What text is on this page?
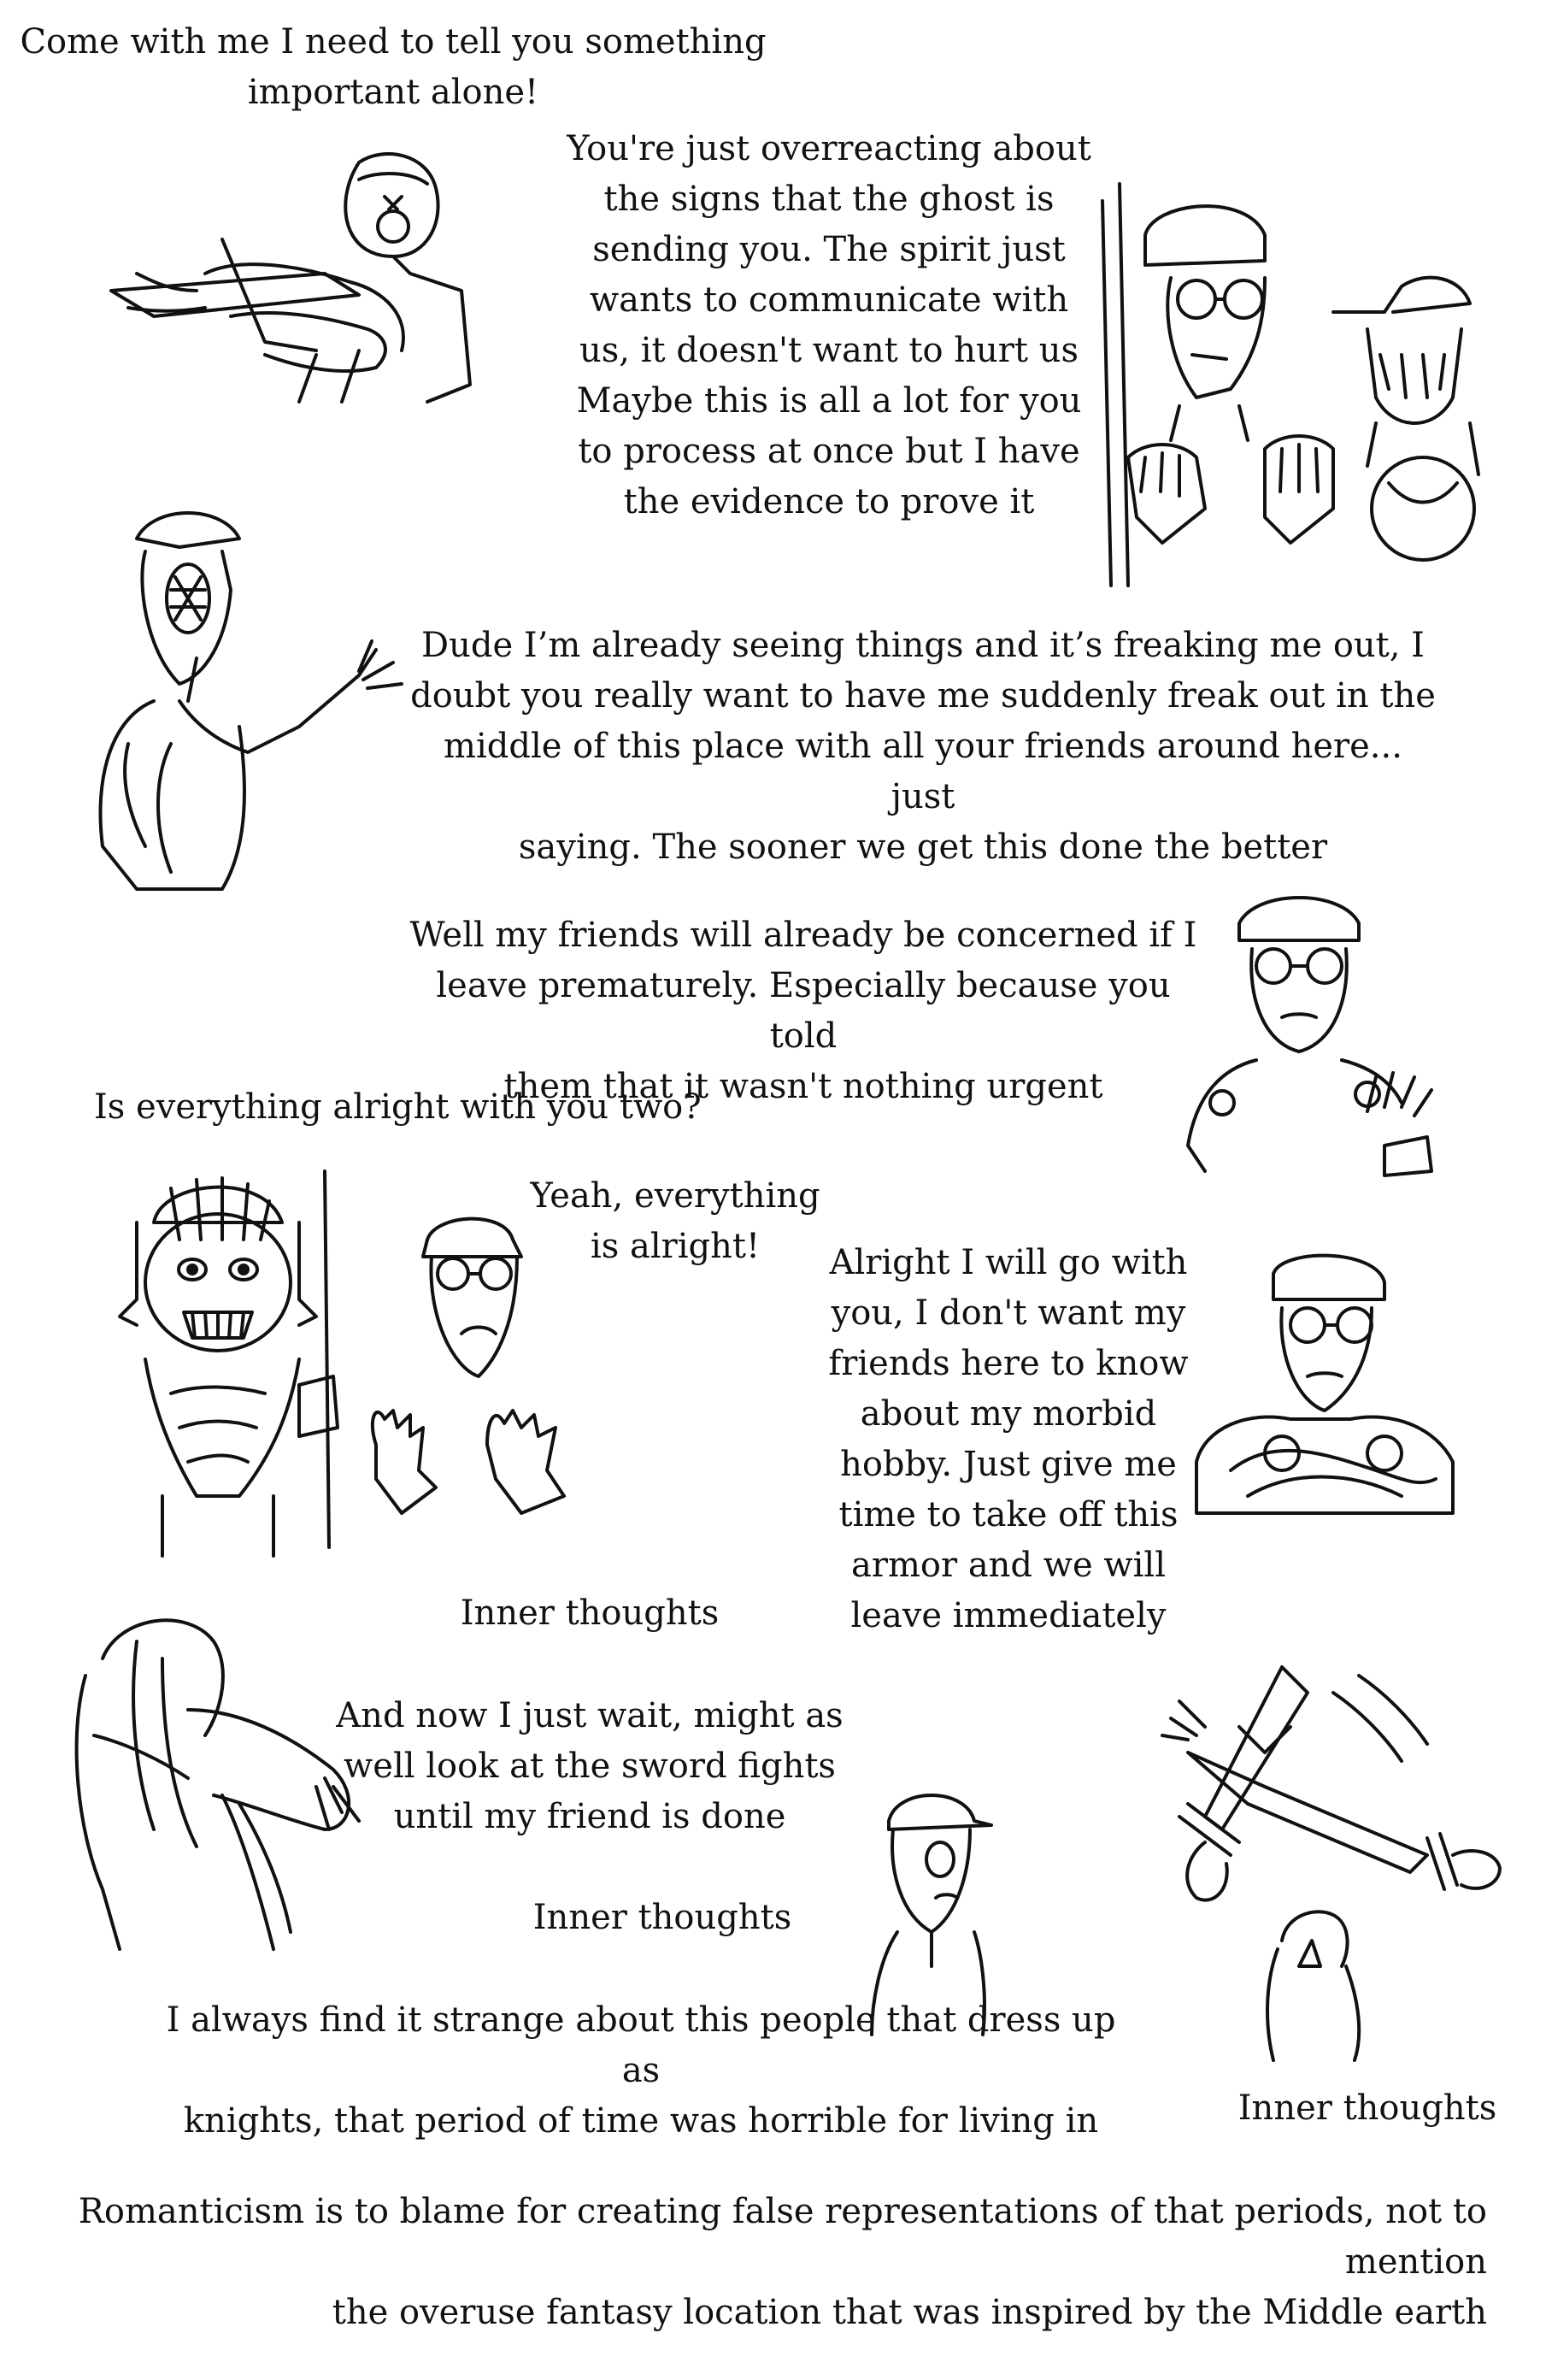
Come with me I need to tell you something
important alone!

You're just overreacting about
the signs that the ghost is
sending you. The spirit just
wants to communicate with
us, it doesn't want to hurt us
Maybe this is all a lot for you
to process at once but I have
the evidence to prove it

Dude I’m already seeing things and it’s freaking me out, I
doubt you really want to have me suddenly freak out in the
middle of this place with all your friends around here... just
saying. The sooner we get this done the better

Well my friends will already be concerned if I
leave prematurely. Especially because you told
them that it wasn't nothing urgent

Is everything alright with you two?

Yeah, everything
is alright!	Alright I will go with
you, I don't want my
friends here to know
about my morbid
hobby. Just give me
time to take off this
armor and we will
leave immediately

Inner thoughts

And now I just wait, might as
well look at the sword fights
until my friend is done

Inner thoughts

I always find it strange about this people that dress up as
knights, that period of time was horrible for living in	Inner thoughts

Romanticism is to blame for creating false representations of that periods, not to mention
the overuse fantasy location that was inspired by the Middle earth
